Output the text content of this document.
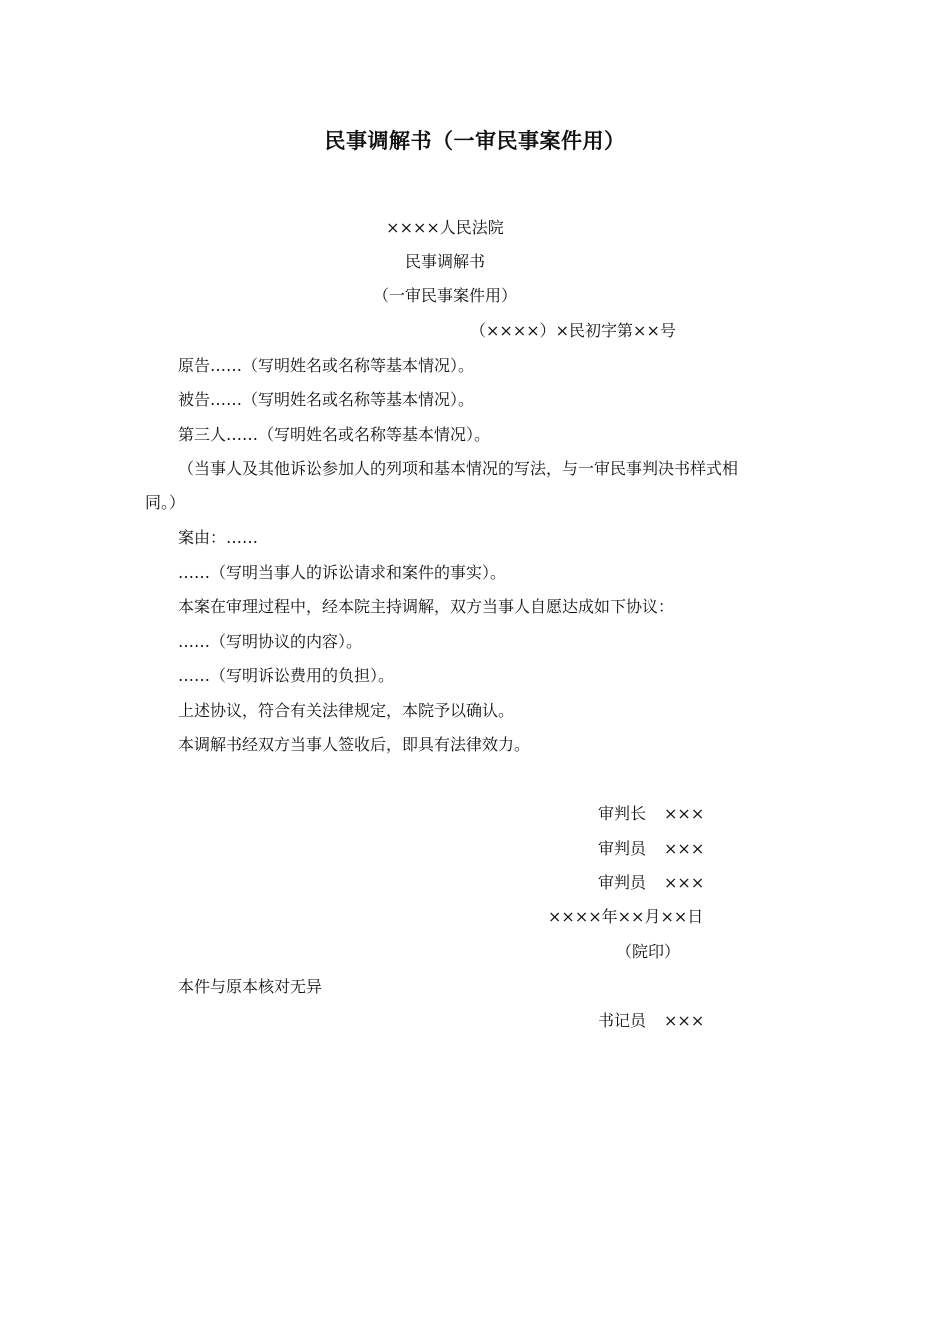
民事调解书（一审民事案件用）
××××人民法院
民事调解书
（一审民事案件用）
（××××）×民初字第××号
原告……（写明姓名或名称等基本情况）。
被告……（写明姓名或名称等基本情况）。
第三人……（写明姓名或名称等基本情况）。
（当事人及其他诉讼参加人的列项和基本情况的写法，与一审民事判决书样式相同。）
案由：……
……（写明当事人的诉讼请求和案件的事实）。
本案在审理过程中，经本院主持调解，双方当事人自愿达成如下协议：
……（写明协议的内容）。
……（写明诉讼费用的负担）。
上述协议，符合有关法律规定，本院予以确认。
本调解书经双方当事人签收后，即具有法律效力。
审判长 ×××
审判员 ×××
审判员 ×××
××××年××月××日
（院印）
本件与原本核对无异
书记员 ×××
